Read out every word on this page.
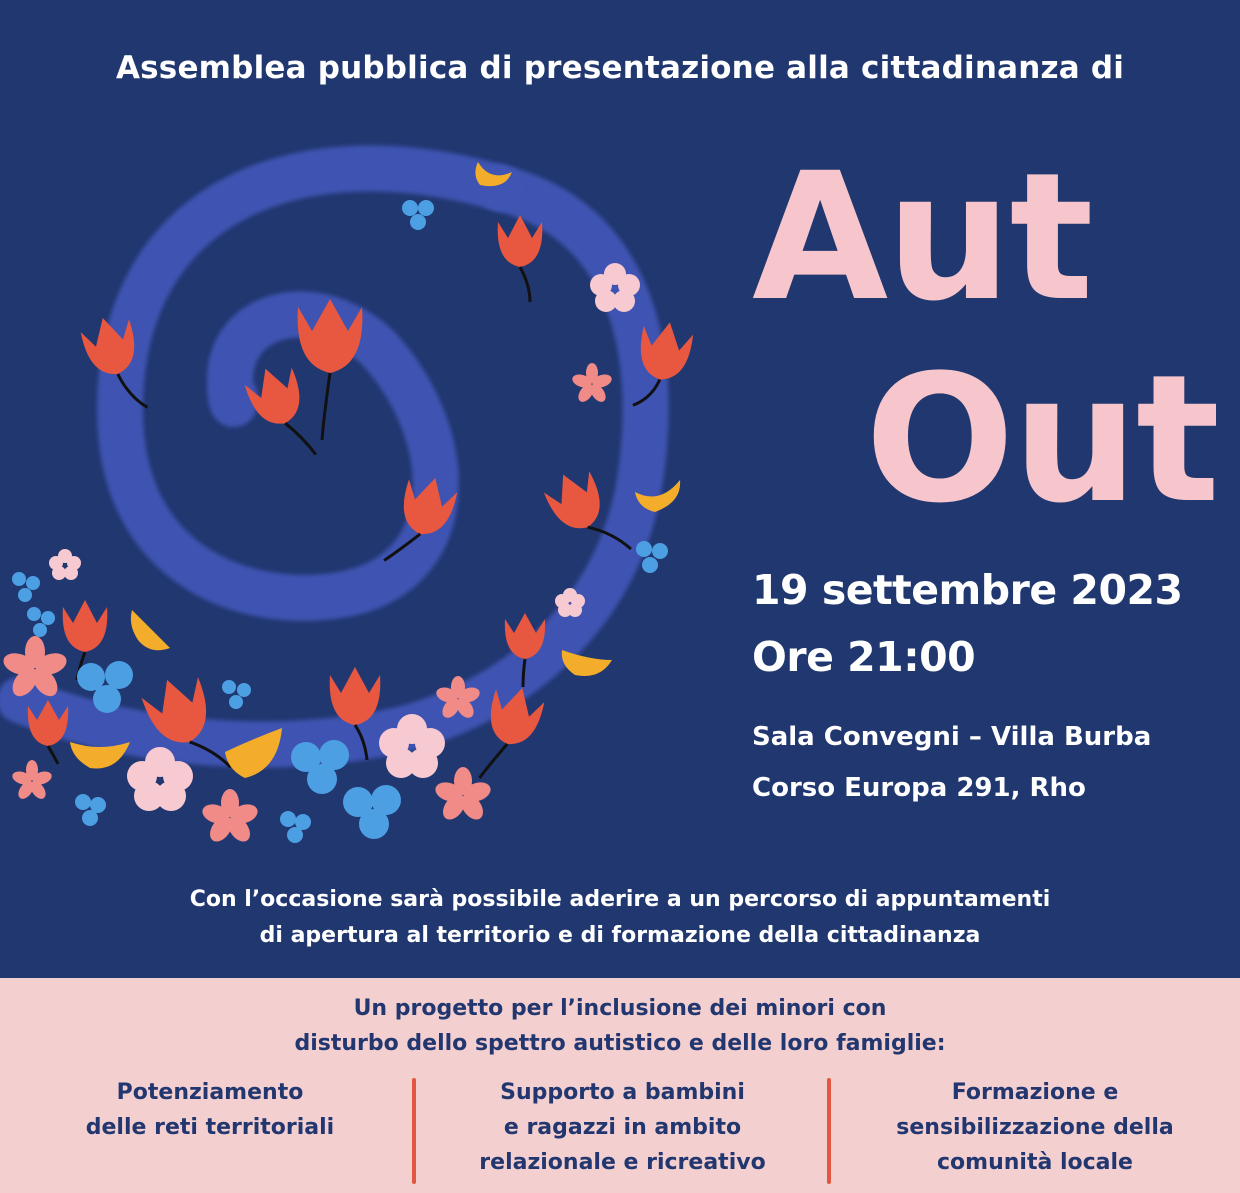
Assemblea pubblica di presentazione alla cittadinanza di
Aut
Out
19 settembre 2023
Ore 21:00
Sala Convegni – Villa Burba
Corso Europa 291, Rho
Con l’occasione sarà possibile aderire a un percorso di appuntamenti
di apertura al territorio e di formazione della cittadinanza
Un progetto per l’inclusione dei minori con
disturbo dello spettro autistico e delle loro famiglie:
Potenziamento
delle reti territoriali
Supporto a bambini
e ragazzi in ambito
relazionale e ricreativo
Formazione e
sensibilizzazione della
comunità locale
